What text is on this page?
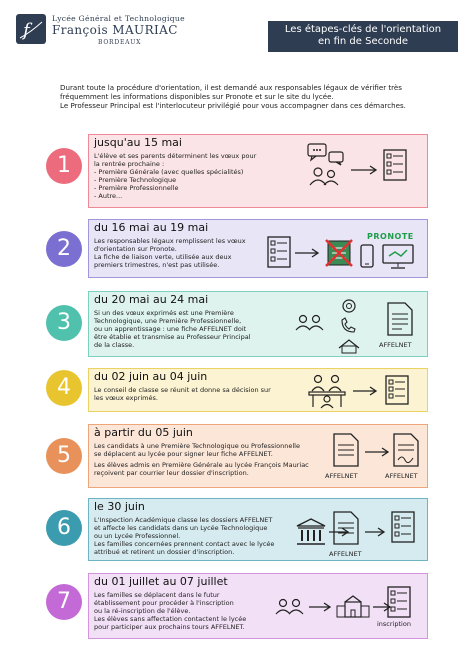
f
Lycée Général et Technologique
François MAURIAC
BORDEAUX
Les étapes-clés de l'orientation
en fin de Seconde
Durant toute la procédure d'orientation, il est demandé aux responsables légaux de vérifier très
fréquemment les informations disponibles sur Pronote et sur le site du lycée.
Le Professeur Principal est l'interlocuteur privilégié pour vous accompagner dans ces démarches.
1
jusqu'au 15 mai
L'élève et ses parents déterminent les vœux pour
la rentrée prochaine :
- Première Générale (avec quelles spécialités)
- Première Technologique
- Première Professionnelle
- Autre...
2
du 16 mai au 19 mai
Les responsables légaux remplissent les vœux
d'orientation sur Pronote.
La fiche de liaison verte, utilisée aux deux
premiers trimestres, n'est pas utilisée.
PRONOTE
3
du 20 mai au 24 mai
Si un des vœux exprimés est une Première
Technologique, une Première Professionnelle,
ou un apprentissage : une fiche AFFELNET doit
être établie et transmise au Professeur Principal
de la classe.	AFFELNET
4	du 02 juin au 04 juin
Le conseil de classe se réunit et donne sa décision sur
les vœux exprimés.
5
à partir du 05 juin
Les candidats à une Première Technologique ou Professionnelle
se déplacent au lycée pour signer leur fiche AFFELNET.
Les élèves admis en Première Générale au lycée François Mauriac
reçoivent par courrier leur dossier d'inscription.	AFFELNET	AFFELNET
6
le 30 juin
L'Inspection Académique classe les dossiers AFFELNET
et affecte les candidats dans un Lycée Technologique
ou un Lycée Professionnel.
Les familles concernées prennent contact avec le lycée
attribué et retirent un dossier d'inscription.	AFFELNET
7
du 01 juillet au 07 juillet
Les familles se déplacent dans le futur
établissement pour procéder à l'inscription
ou la ré-inscription de l'élève.
Les élèves sans affectation contactent le lycée
pour participer aux prochains tours AFFELNET.	inscription
